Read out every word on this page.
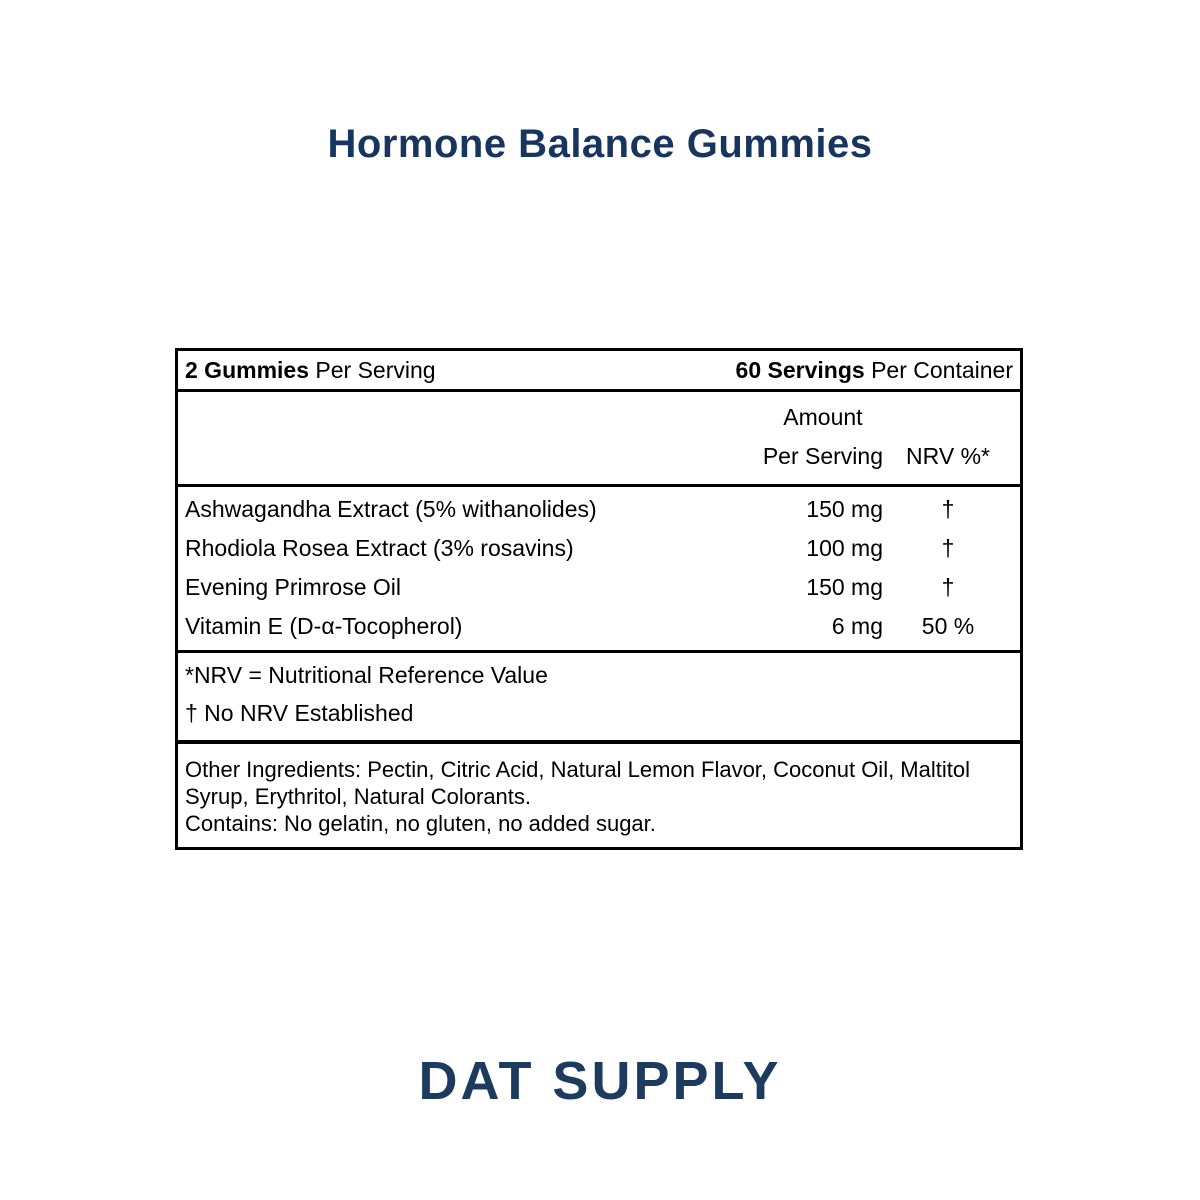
Hormone Balance Gummies
2 Gummies Per Serving	60 Servings Per Container
Amount
Per Serving	NRV %*
Ashwagandha Extract (5% withanolides)	150 mg	†
Rhodiola Rosea Extract (3% rosavins)	100 mg	†
Evening Primrose Oil	150 mg	†
Vitamin E (D-α-Tocopherol)	6 mg	50 %
*NRV = Nutritional Reference Value
† No NRV Established
Other Ingredients: Pectin, Citric Acid, Natural Lemon Flavor, Coconut Oil, Maltitol Syrup, Erythritol, Natural Colorants.
Contains: No gelatin, no gluten, no added sugar.
DAT SUPPLY
